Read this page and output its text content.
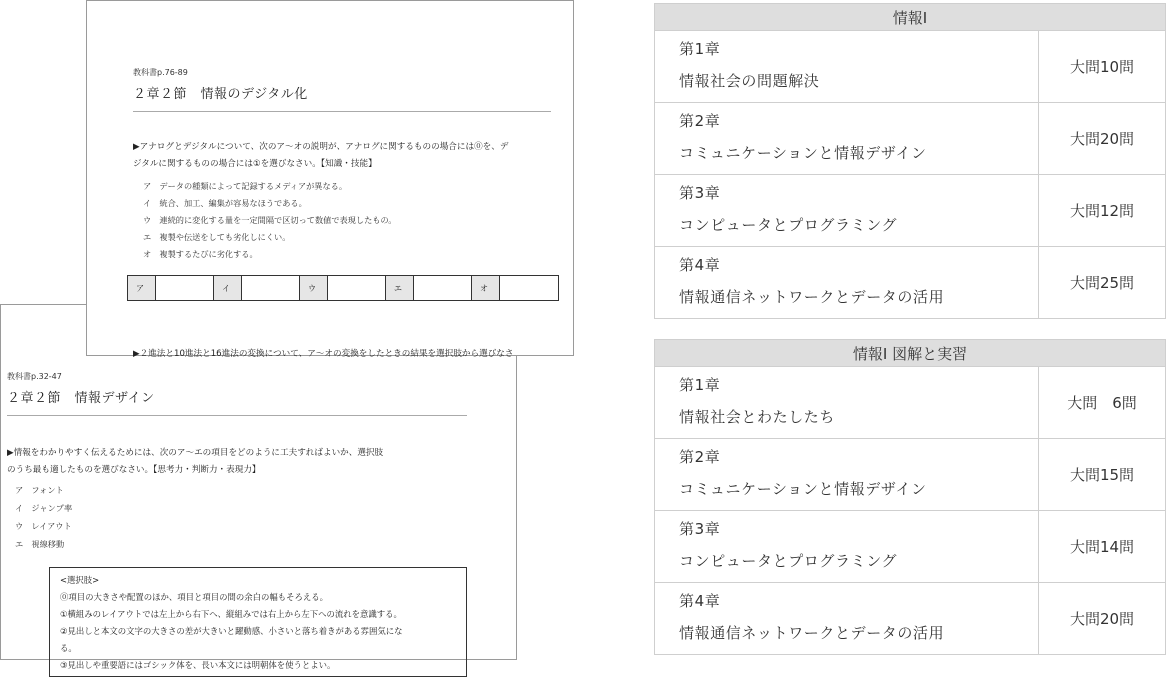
教科書p.32-47
２章２節　情報デザイン
▶情報をわかりやすく伝えるためには、次のア～エの項目をどのように工夫すればよいか、選択肢
のうち最も適したものを選びなさい。【思考力・判断力・表現力】
ア　フォント
イ　ジャンプ率
ウ　レイアウト
エ　視線移動
<選択肢>
⓪項目の大きさや配置のほか、項目と項目の間の余白の幅もそろえる。
①横組みのレイアウトでは左上から右下へ、縦組みでは右上から左下への流れを意識する。
②見出しと本文の文字の大きさの差が大きいと躍動感、小さいと落ち着きがある雰囲気にな
る。
③見出しや重要語にはゴシック体を、長い本文には明朝体を使うとよい。
教科書p.76-89
２章２節　情報のデジタル化
▶アナログとデジタルについて、次のア～オの説明が、アナログに関するものの場合には⓪を、デ
ジタルに関するものの場合には①を選びなさい。【知識・技能】
ア　データの種類によって記録するメディアが異なる。
イ　統合、加工、編集が容易なほうである。
ウ　連続的に変化する量を一定間隔で区切って数値で表現したもの。
エ　複製や伝送をしても劣化しにくい。
オ　複製するたびに劣化する。
ア	イ	ウ	エ	オ
▶２進法と10進法と16進法の変換について、ア～オの変換をしたときの結果を選択肢から選びなさ
情報Ⅰ	

第1章
情報社会の問題解決	大問10問

第2章
コミュニケーションと情報デザイン	大問20問

第3章
コンピュータとプログラミング	大問12問

第4章
情報通信ネットワークとデータの活用	大問25問
情報Ⅰ 図解と実習	

第1章
情報社会とわたしたち	大問　6問

第2章
コミュニケーションと情報デザイン	大問15問

第3章
コンピュータとプログラミング	大問14問

第4章
情報通信ネットワークとデータの活用	大問20問
